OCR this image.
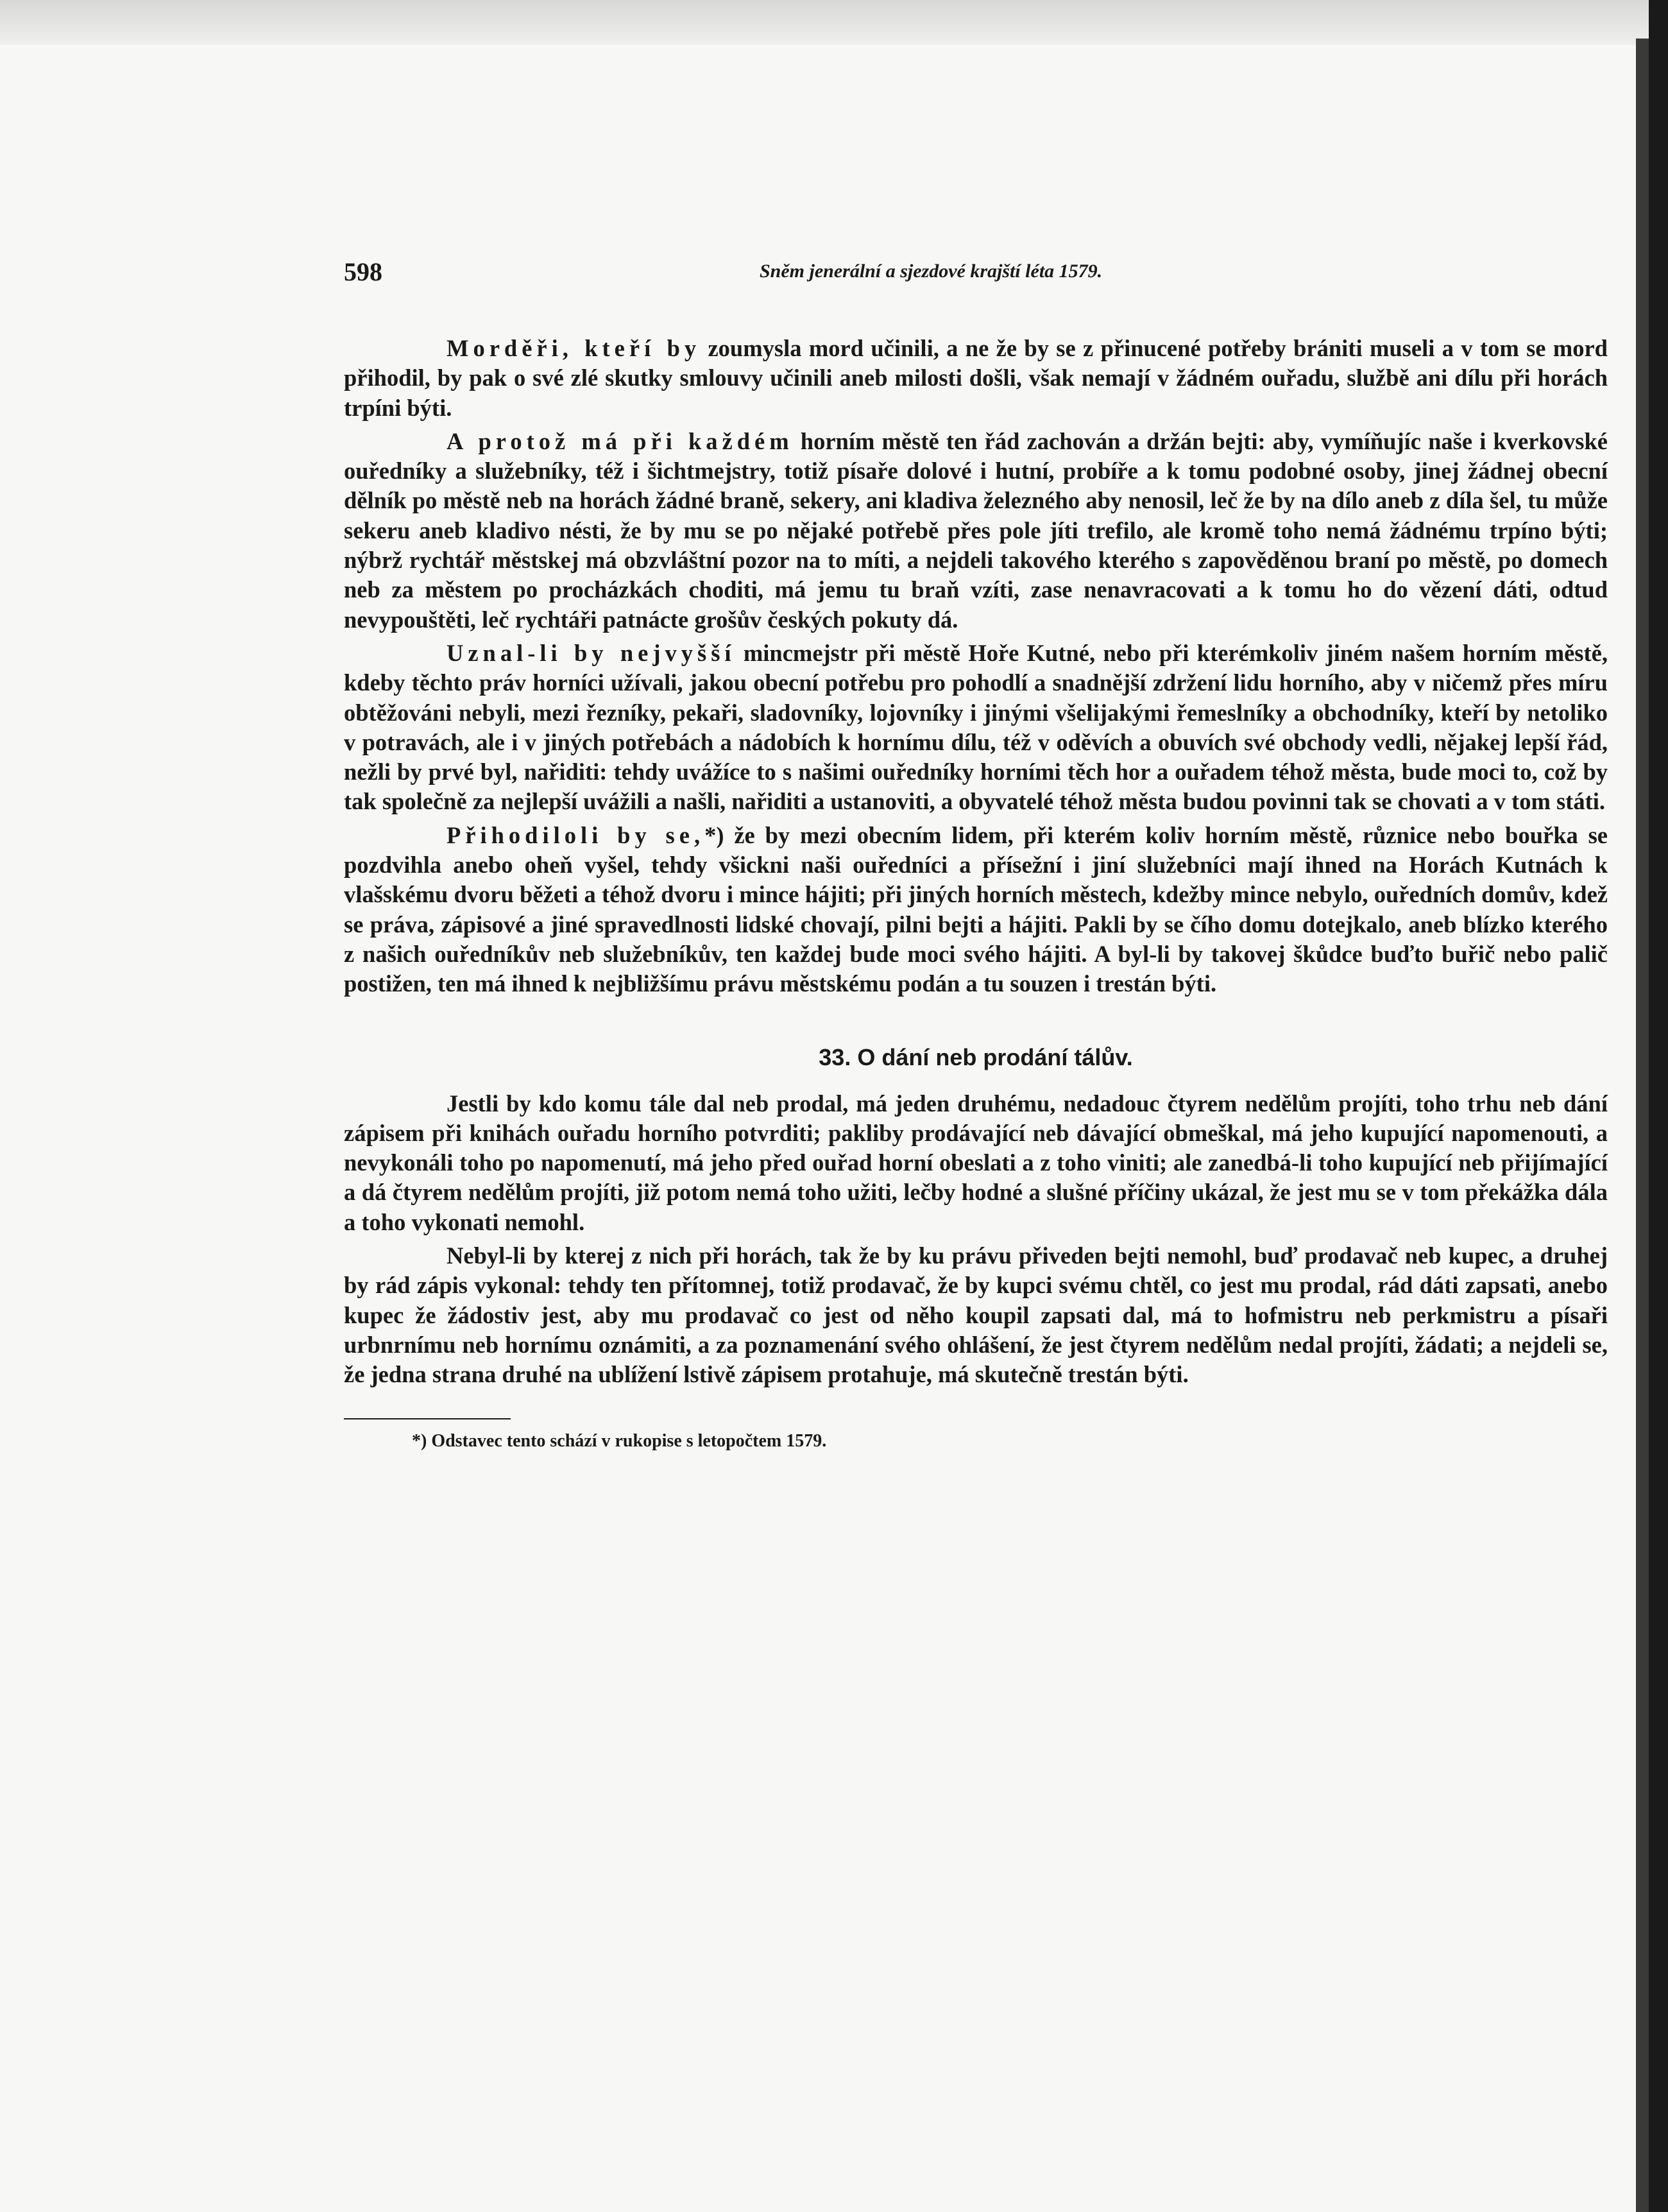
598	Sněm jenerální a sjezdové krajští léta 1579.

Morděři, kteří by zoumysla mord učinili, a ne že by se z přinucené potřeby brániti museli a v tom se mord přihodil, by pak o své zlé skutky smlouvy učinili aneb milosti došli, však nemají v žádném ouřadu, službě ani dílu při horách trpíni býti.

A protož má při každém horním městě ten řád zachován a držán bejti: aby, vymíňujíc naše i kverkovské ouředníky a služebníky, též i šichtmejstry, totiž písaře dolové i hutní, probíře a k tomu podobné osoby, jinej žádnej obecní dělník po městě neb na horách žádné braně, sekery, ani kladiva železného aby nenosil, leč že by na dílo aneb z díla šel, tu může sekeru aneb kladivo nésti, že by mu se po nějaké potřebě přes pole jíti trefilo, ale kromě toho nemá žádnému trpíno býti; nýbrž rychtář městskej má obzvláštní pozor na to míti, a nejdeli takového kterého s zapověděnou braní po městě, po domech neb za městem po procházkách choditi, má jemu tu braň vzíti, zase nenavracovati a k tomu ho do vězení dáti, odtud nevypouštěti, leč rychtáři patnácte grošův českých pokuty dá.

Uznal-li by nejvyšší mincmejstr při městě Hoře Kutné, nebo při kterémkoliv jiném našem horním městě, kdeby těchto práv horníci užívali, jakou obecní potřebu pro pohodlí a snadnější zdržení lidu horního, aby v ničemž přes míru obtěžováni nebyli, mezi řezníky, pekaři, sladovníky, lojovníky i jinými všelijakými řemeslníky a obchodníky, kteří by netoliko v potravách, ale i v jiných potřebách a nádobích k hornímu dílu, též v oděvích a obuvích své obchody vedli, nějakej lepší řád, nežli by prvé byl, nařiditi: tehdy uvážíce to s našimi ouředníky horními těch hor a ouřadem téhož města, bude moci to, což by tak společně za nejlepší uvážili a našli, nařiditi a ustanoviti, a obyvatelé téhož města budou povinni tak se chovati a v tom státi.

Přihodiloli by se,*) že by mezi obecním lidem, při kterém koliv horním městě, různice nebo bouřka se pozdvihla anebo oheň vyšel, tehdy všickni naši ouředníci a přísežní i jiní služebníci mají ihned na Horách Kutnách k vlašskému dvoru běžeti a téhož dvoru i mince hájiti; při jiných horních městech, kdežby mince nebylo, ouředních domův, kdež se práva, zápisové a jiné spravedlnosti lidské chovají, pilni bejti a hájiti. Pakli by se čího domu dotejkalo, aneb blízko kterého z našich ouředníkův neb služebníkův, ten každej bude moci svého hájiti. A byl-li by takovej škůdce buďto buřič nebo palič postižen, ten má ihned k nejbližšímu právu městskému podán a tu souzen i trestán býti.

33. O dání neb prodání tálův.

Jestli by kdo komu tále dal neb prodal, má jeden druhému, nedadouc čtyrem nedělům projíti, toho trhu neb dání zápisem při knihách ouřadu horního potvrditi; pakliby prodávající neb dávající obmeškal, má jeho kupující napomenouti, a nevykonáli toho po napomenutí, má jeho před ouřad horní obeslati a z toho viniti; ale zanedbá-li toho kupující neb přijímající a dá čtyrem nedělům projíti, již potom nemá toho užiti, lečby hodné a slušné příčiny ukázal, že jest mu se v tom překážka dála a toho vykonati nemohl.

Nebyl-li by kterej z nich při horách, tak že by ku právu přiveden bejti nemohl, buď prodavač neb kupec, a druhej by rád zápis vykonal: tehdy ten přítomnej, totiž prodavač, že by kupci svému chtěl, co jest mu prodal, rád dáti zapsati, anebo kupec že žádostiv jest, aby mu prodavač co jest od něho koupil zapsati dal, má to hofmistru neb perkmistru a písaři urbnrnímu neb hornímu oznámiti, a za poznamenání svého ohlášení, že jest čtyrem nedělům nedal projíti, žádati; a nejdeli se, že jedna strana druhé na ublížení lstivě zápisem protahuje, má skutečně trestán býti.

*) Odstavec tento schází v rukopise s letopočtem 1579.
